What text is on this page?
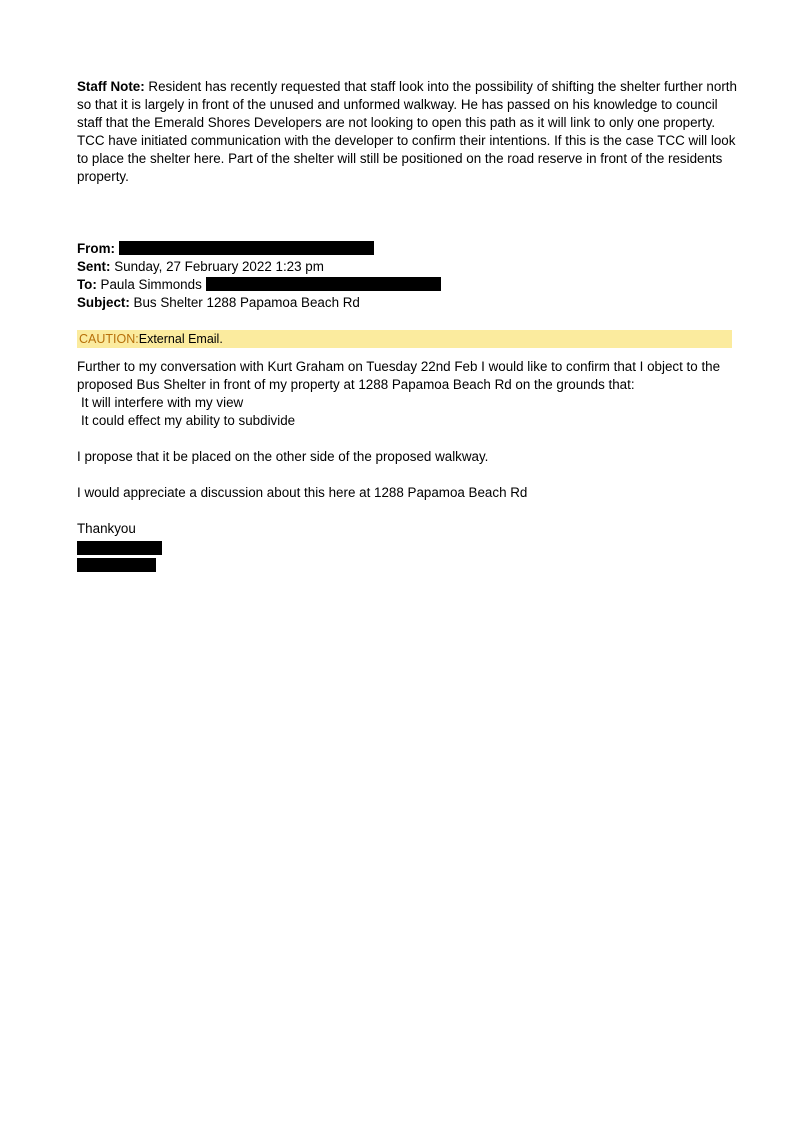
Staff Note: Resident has recently requested that staff look into the possibility of shifting the shelter further north so that it is largely in front of the unused and unformed walkway. He has passed on his knowledge to council staff that the Emerald Shores Developers are not looking to open this path as it will link to only one property. TCC have initiated communication with the developer to confirm their intentions. If this is the case TCC will look to place the shelter here. Part of the shelter will still be positioned on the road reserve in front of the residents property.

From:
Sent: Sunday, 27 February 2022 1:23 pm
To: Paula Simmonds
Subject: Bus Shelter 1288 Papamoa Beach Rd
CAUTION:External Email.

Further to my conversation with Kurt Graham on Tuesday 22nd Feb I would like to confirm that I object to the proposed Bus Shelter in front of my property at 1288 Papamoa Beach Rd on the grounds that:

It will interfere with my view
It could effect my ability to subdivide

I propose that it be placed on the other side of the proposed walkway.

I would appreciate a discussion about this here at 1288 Papamoa Beach Rd

Thankyou
